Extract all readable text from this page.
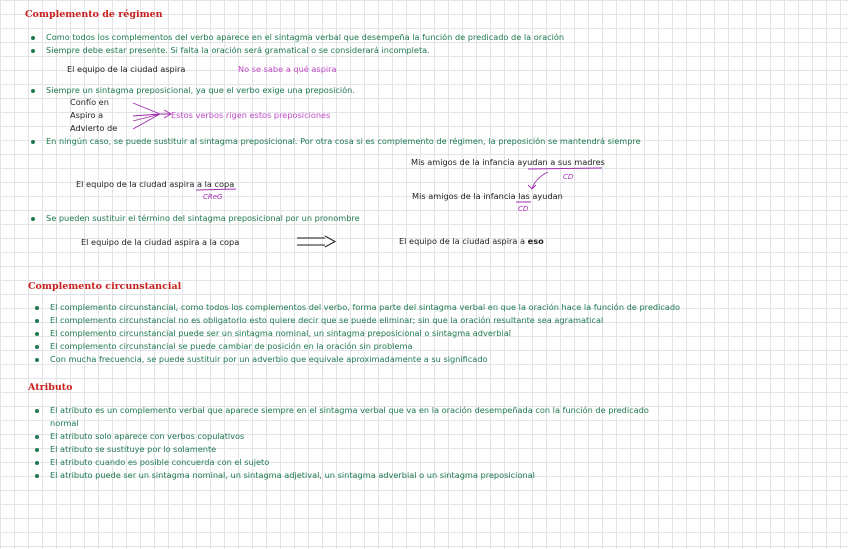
Complemento de régimen
Como todos los complementos del verbo aparece en el sintagma verbal que desempeña la función de predicado de la oración
Siempre debe estar presente. Si falta la oración será gramatical o se considerará incompleta.
El equipo de la ciudad aspira	No se sabe a qué aspira
Siempre un sintagma preposicional, ya que el verbo exige una preposición.
Confío en
Aspiro a
Advierto de
Estos verbos rigen estos preposiciones
En ningún caso, se puede sustituir al sintagma preposicional. Por otra cosa si es complemento de régimen, la preposición se mantendrá siempre
Mis amigos de la infancia ayudan a sus madres
CD
El equipo de la ciudad aspira a la copa
CReG	Mis amigos de la infancia las ayudan
CD
Se pueden sustituir el término del sintagma preposicional por un pronombre
El equipo de la ciudad aspira a la copa	El equipo de la ciudad aspira a eso
Complemento circunstancial
El complemento circunstancial, como todos los complementos del verbo, forma parte del sintagma verbal en que la oración hace la función de predicado
El complemento circunstancial no es obligatorio esto quiere decir que se puede eliminar; sin que la oración resultante sea agramatical
El complemento circunstancial puede ser un sintagma nominal, un sintagma preposicional o sintagma adverbial
El complemento circunstancial se puede cambiar de posición en la oración sin problema
Con mucha frecuencia, se puede sustituir por un adverbio que equivale aproximadamente a su significado
Atributo
El atributo es un complemento verbal que aparece siempre en el sintagma verbal que va en la oración desempeñada con la función de predicado
normal
El atributo solo aparece con verbos copulativos
El atributo se sustituye por lo solamente
El atributo cuando es posible concuerda con el sujeto
El atributo puede ser un sintagma nominal, un sintagma adjetival, un sintagma adverbial o un sintagma preposicional
